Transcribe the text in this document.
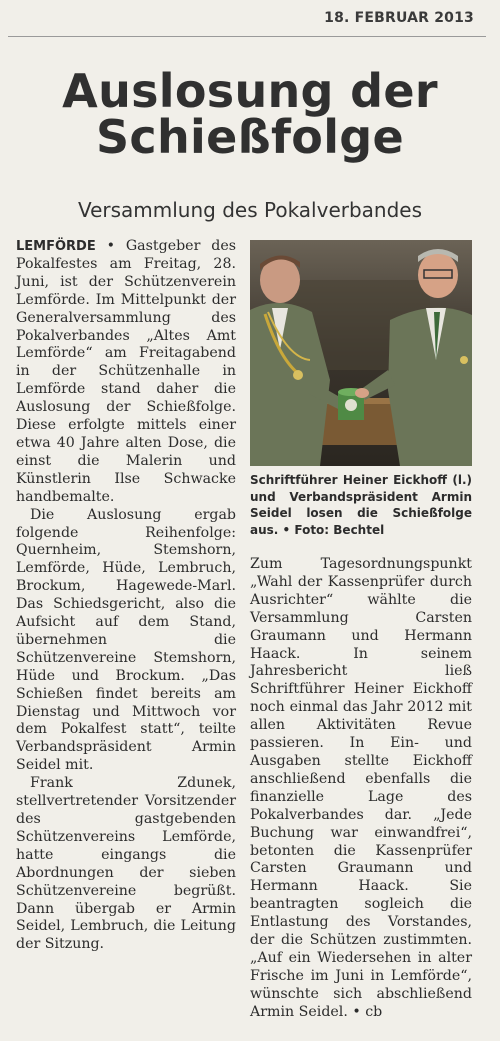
18. FEBRUAR 2013
Auslosung der Schießfolge
Versammlung des Pokalverbandes

LEMFÖRDE • Gastgeber des Pokalfestes am Freitag, 28. Juni, ist der Schützenverein Lemförde. Im Mittelpunkt der Generalversammlung des Pokalverbandes „Altes Amt Lemförde“ am Freitagabend in der Schützenhalle in Lemförde stand daher die Auslosung der Schießfolge. Diese erfolgte mittels einer etwa 40 Jahre alten Dose, die einst die Malerin und Künstlerin Ilse Schwacke handbemalte.

Die Auslosung ergab folgende Reihenfolge: Quernheim, Stemshorn, Lemförde, Hüde, Lembruch, Brockum, Hagewede-Marl. Das Schiedsgericht, also die Aufsicht auf dem Stand, übernehmen die Schützenvereine Stemshorn, Hüde und Brockum. „Das Schießen findet bereits am Dienstag und Mittwoch vor dem Pokalfest statt“, teilte Verbandspräsident Armin Seidel mit.

Frank Zdunek, stellvertretender Vorsitzender des gastgebenden Schützenvereins Lemförde, hatte eingangs die Abordnungen der sieben Schützenvereine begrüßt. Dann übergab er Armin Seidel, Lembruch, die Leitung der Sitzung.

Schriftführer Heiner Eickhoff (l.) und Verbandspräsident Armin Seidel losen die Schießfolge aus. • Foto: Bechtel

Zum Tagesordnungspunkt „Wahl der Kassenprüfer durch Ausrichter“ wählte die Versammlung Carsten Graumann und Hermann Haack. In seinem Jahresbericht ließ Schriftführer Heiner Eickhoff noch einmal das Jahr 2012 mit allen Aktivitäten Revue passieren. In Ein- und Ausgaben stellte Eickhoff anschließend ebenfalls die finanzielle Lage des Pokalverbandes dar. „Jede Buchung war einwandfrei“, betonten die Kassenprüfer Carsten Graumann und Hermann Haack. Sie beantragten sogleich die Entlastung des Vorstandes, der die Schützen zustimmten. „Auf ein Wiedersehen in alter Frische im Juni in Lemförde“, wünschte sich abschließend Armin Seidel. • cb
